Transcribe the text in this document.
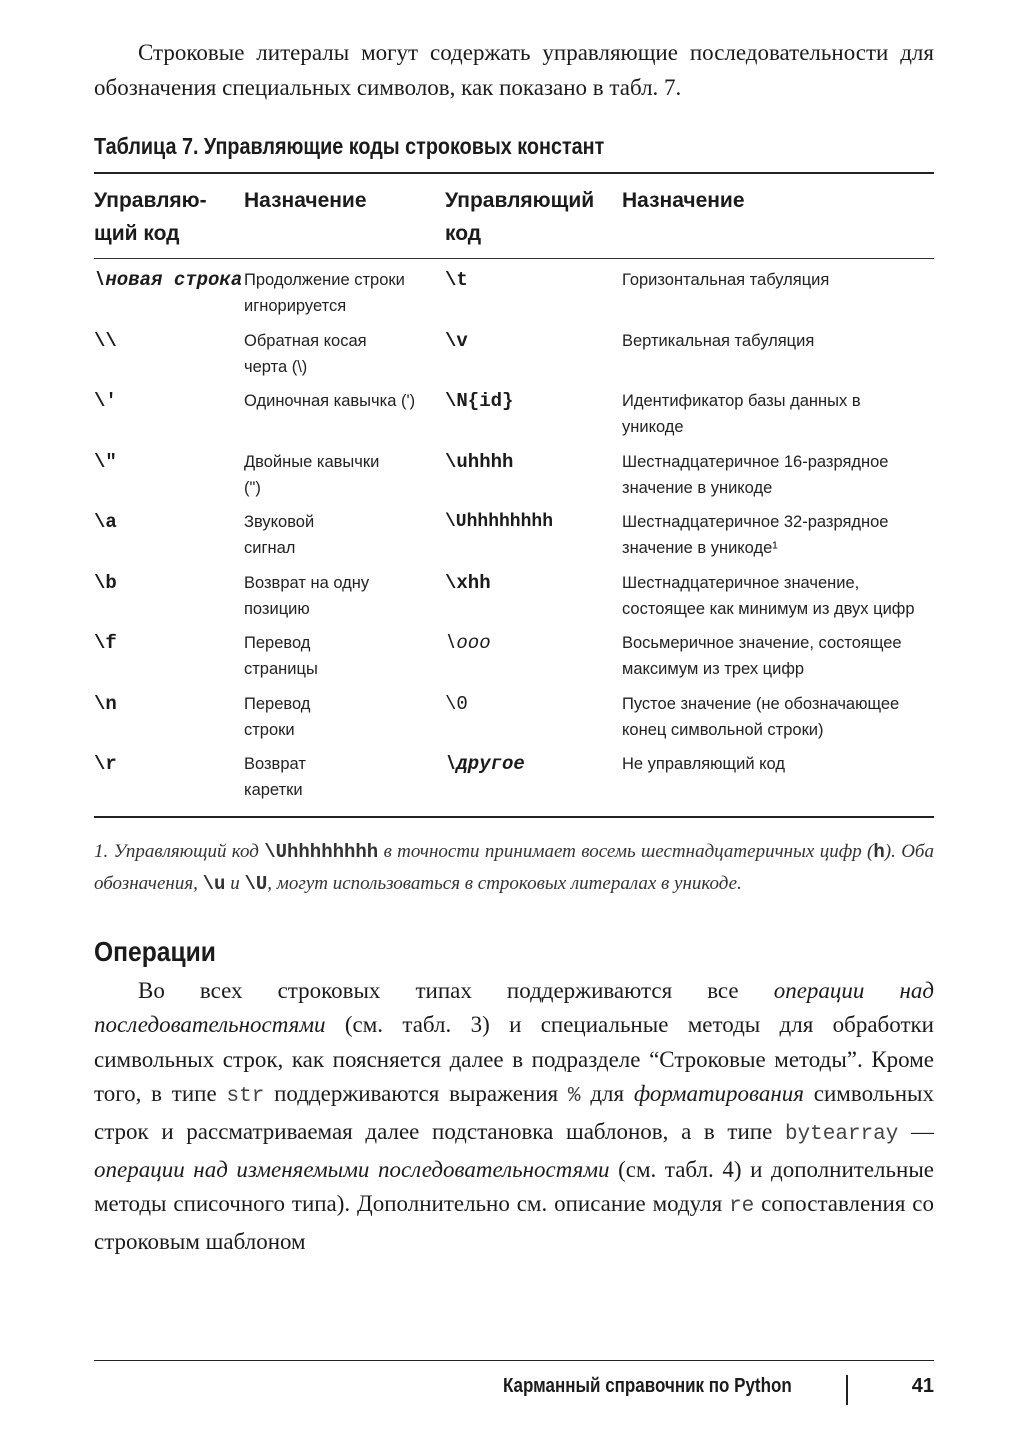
Строковые литералы могут содержать управляющие последовательности для обозначения специальных символов, как показано в табл. 7.

Таблица 7. Управляющие коды строковых констант
Управляю-щий код	Назначение	Управляющий код	Назначение

\новая строка	Продолжение строки игнорируется	\t	Горизонтальная табуляция
\\	Обратная косая черта (\)	\v	Вертикальная табуляция
\'	Одиночная кавычка (')	\N{id}	Идентификатор базы данных в уникоде
\"	Двойные кавычки (")	\uhhhh	Шестнадцатеричное 16-разрядное значение в уникоде
\a	Звуковой сигнал	\Uhhhhhhhh	Шестнадцатеричное 32-разрядное значение в уникоде¹
\b	Возврат на одну позицию	\xhh	Шестнадцатеричное значение, состоящее как минимум из двух цифр
\f	Перевод страницы	\ooo	Восьмеричное значение, состоящее максимум из трех цифр
\n	Перевод строки	\0	Пустое значение (не обозначающее конец символьной строки)
\r	Возврат каретки	\другое	Не управляющий код

1. Управляющий код \Uhhhhhhhh в точности принимает восемь шестнадцатеричных цифр (h). Оба обозначения, \u и \U, могут использоваться в строковых литералах в уникоде.

Операции

Во всех строковых типах поддерживаются все операции над последовательностями (см. табл. 3) и специальные методы для обработки символьных строк, как поясняется далее в подразделе “Строковые методы”. Кроме того, в типе str поддерживаются выражения % для форматирования символьных строк и рассматриваемая далее подстановка шаблонов, а в типе bytearray — операции над изменяемыми последовательностями (см. табл. 4) и дополнительные методы списочного типа). Дополнительно см. описание модуля re сопоставления со строковым шаблоном

Карманный справочник по Python	41
